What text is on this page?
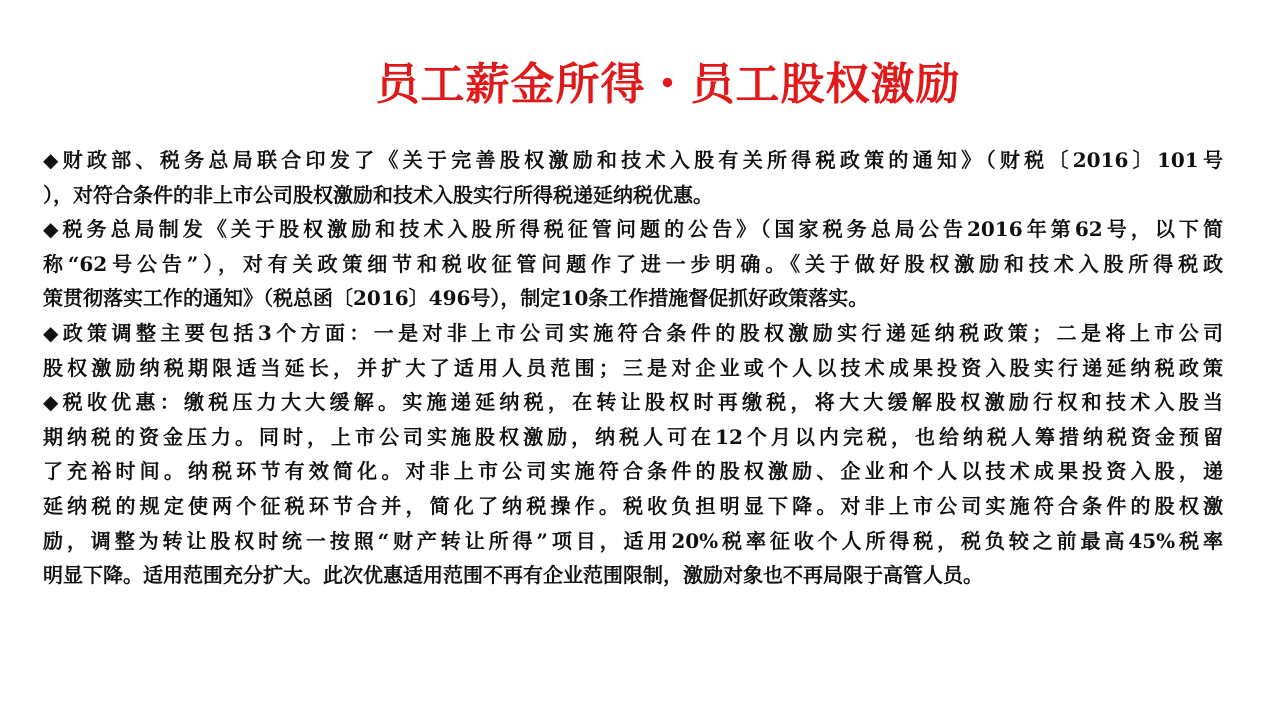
员工薪金所得・员工股权激励
◆财政部、税务总局联合印发了《关于完善股权激励和技术入股有关所得税政策的通知》（财税〔2016〕101号
），对符合条件的非上市公司股权激励和技术入股实行所得税递延纳税优惠。
◆税务总局制发《关于股权激励和技术入股所得税征管问题的公告》（国家税务总局公告2016年第62号，以下简
称“62号公告”），对有关政策细节和税收征管问题作了进一步明确。《关于做好股权激励和技术入股所得税政
策贯彻落实工作的通知》（税总函〔2016〕496号），制定10条工作措施督促抓好政策落实。
◆政策调整主要包括3个方面：一是对非上市公司实施符合条件的股权激励实行递延纳税政策；二是将上市公司
股权激励纳税期限适当延长，并扩大了适用人员范围；三是对企业或个人以技术成果投资入股实行递延纳税政策
◆税收优惠：缴税压力大大缓解。实施递延纳税，在转让股权时再缴税，将大大缓解股权激励行权和技术入股当
期纳税的资金压力。同时，上市公司实施股权激励，纳税人可在12个月以内完税，也给纳税人筹措纳税资金预留
了充裕时间。纳税环节有效简化。对非上市公司实施符合条件的股权激励、企业和个人以技术成果投资入股，递
延纳税的规定使两个征税环节合并，简化了纳税操作。税收负担明显下降。对非上市公司实施符合条件的股权激
励，调整为转让股权时统一按照“财产转让所得”项目，适用20%税率征收个人所得税，税负较之前最高45%税率
明显下降。适用范围充分扩大。此次优惠适用范围不再有企业范围限制，激励对象也不再局限于高管人员。
